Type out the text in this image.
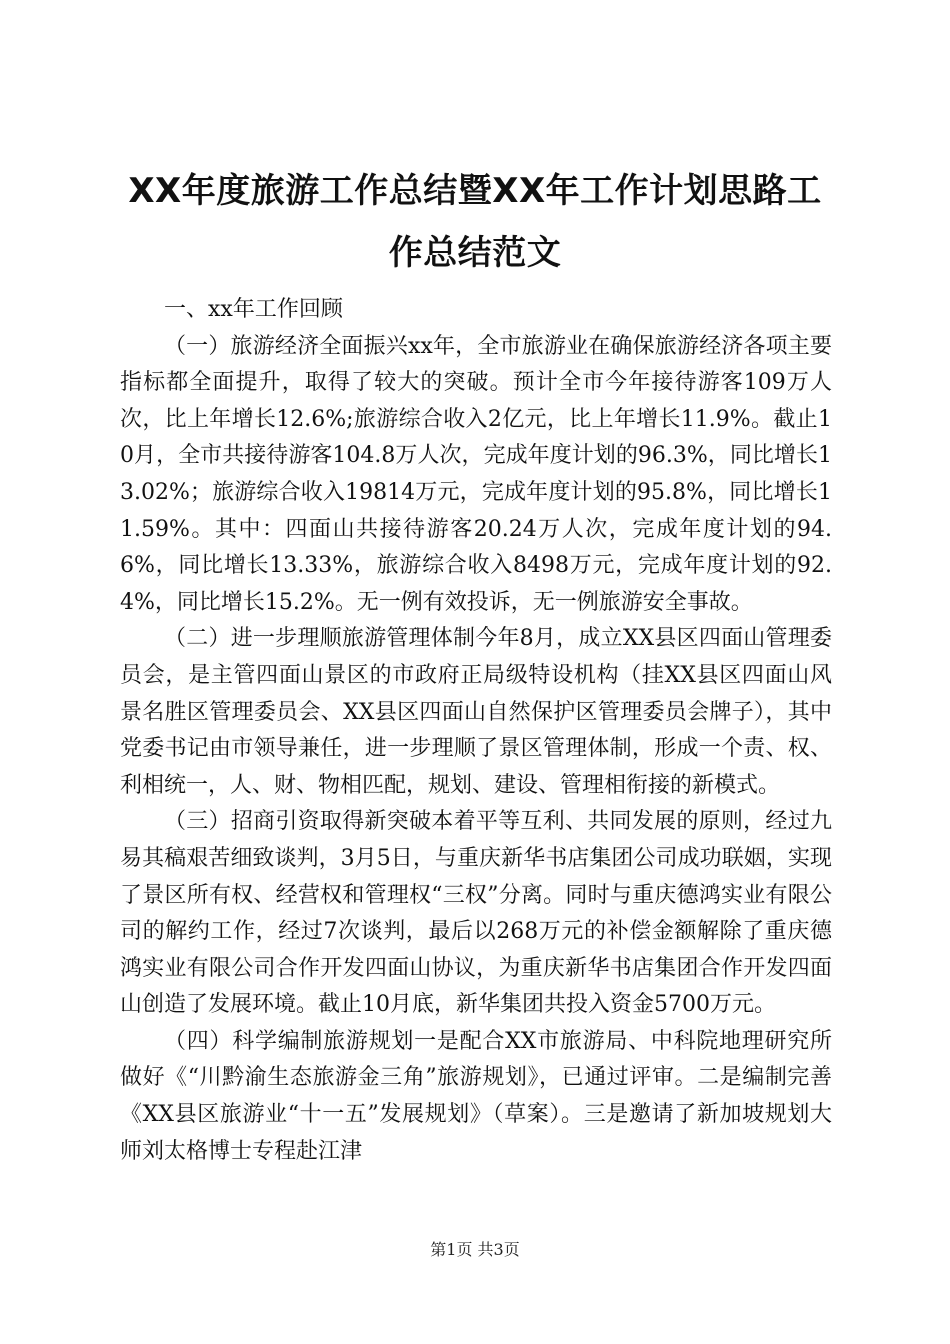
XX年度旅游工作总结暨XX年工作计划思路工作总结范文

一、xx年工作回顾

（一）旅游经济全面振兴xx年，全市旅游业在确保旅游经济各项主要指标都全面提升，取得了较大的突破。预计全市今年接待游客109万人次，比上年增长12.6%;旅游综合收入2亿元，比上年增长11.9%。截止10月，全市共接待游客104.8万人次，完成年度计划的96.3%，同比增长13.02%；旅游综合收入19814万元，完成年度计划的95.8%，同比增长11.59%。其中：四面山共接待游客20.24万人次，完成年度计划的94.6%，同比增长13.33%，旅游综合收入8498万元，完成年度计划的92.4%，同比增长15.2%。无一例有效投诉，无一例旅游安全事故。

（二）进一步理顺旅游管理体制今年8月，成立XX县区四面山管理委员会，是主管四面山景区的市政府正局级特设机构（挂XX县区四面山风景名胜区管理委员会、XX县区四面山自然保护区管理委员会牌子），其中党委书记由市领导兼任，进一步理顺了景区管理体制，形成一个责、权、利相统一，人、财、物相匹配，规划、建设、管理相衔接的新模式。

（三）招商引资取得新突破本着平等互利、共同发展的原则，经过九易其稿艰苦细致谈判，3月5日，与重庆新华书店集团公司成功联姻，实现了景区所有权、经营权和管理权“三权”分离。同时与重庆德鸿实业有限公司的解约工作，经过7次谈判，最后以268万元的补偿金额解除了重庆德鸿实业有限公司合作开发四面山协议，为重庆新华书店集团合作开发四面山创造了发展环境。截止10月底，新华集团共投入资金5700万元。

（四）科学编制旅游规划一是配合XX市旅游局、中科院地理研究所做好《“川黔渝生态旅游金三角”旅游规划》，已通过评审。二是编制完善《XX县区旅游业“十一五”发展规划》（草案）。三是邀请了新加坡规划大师刘太格博士专程赴江津

第1页 共3页
